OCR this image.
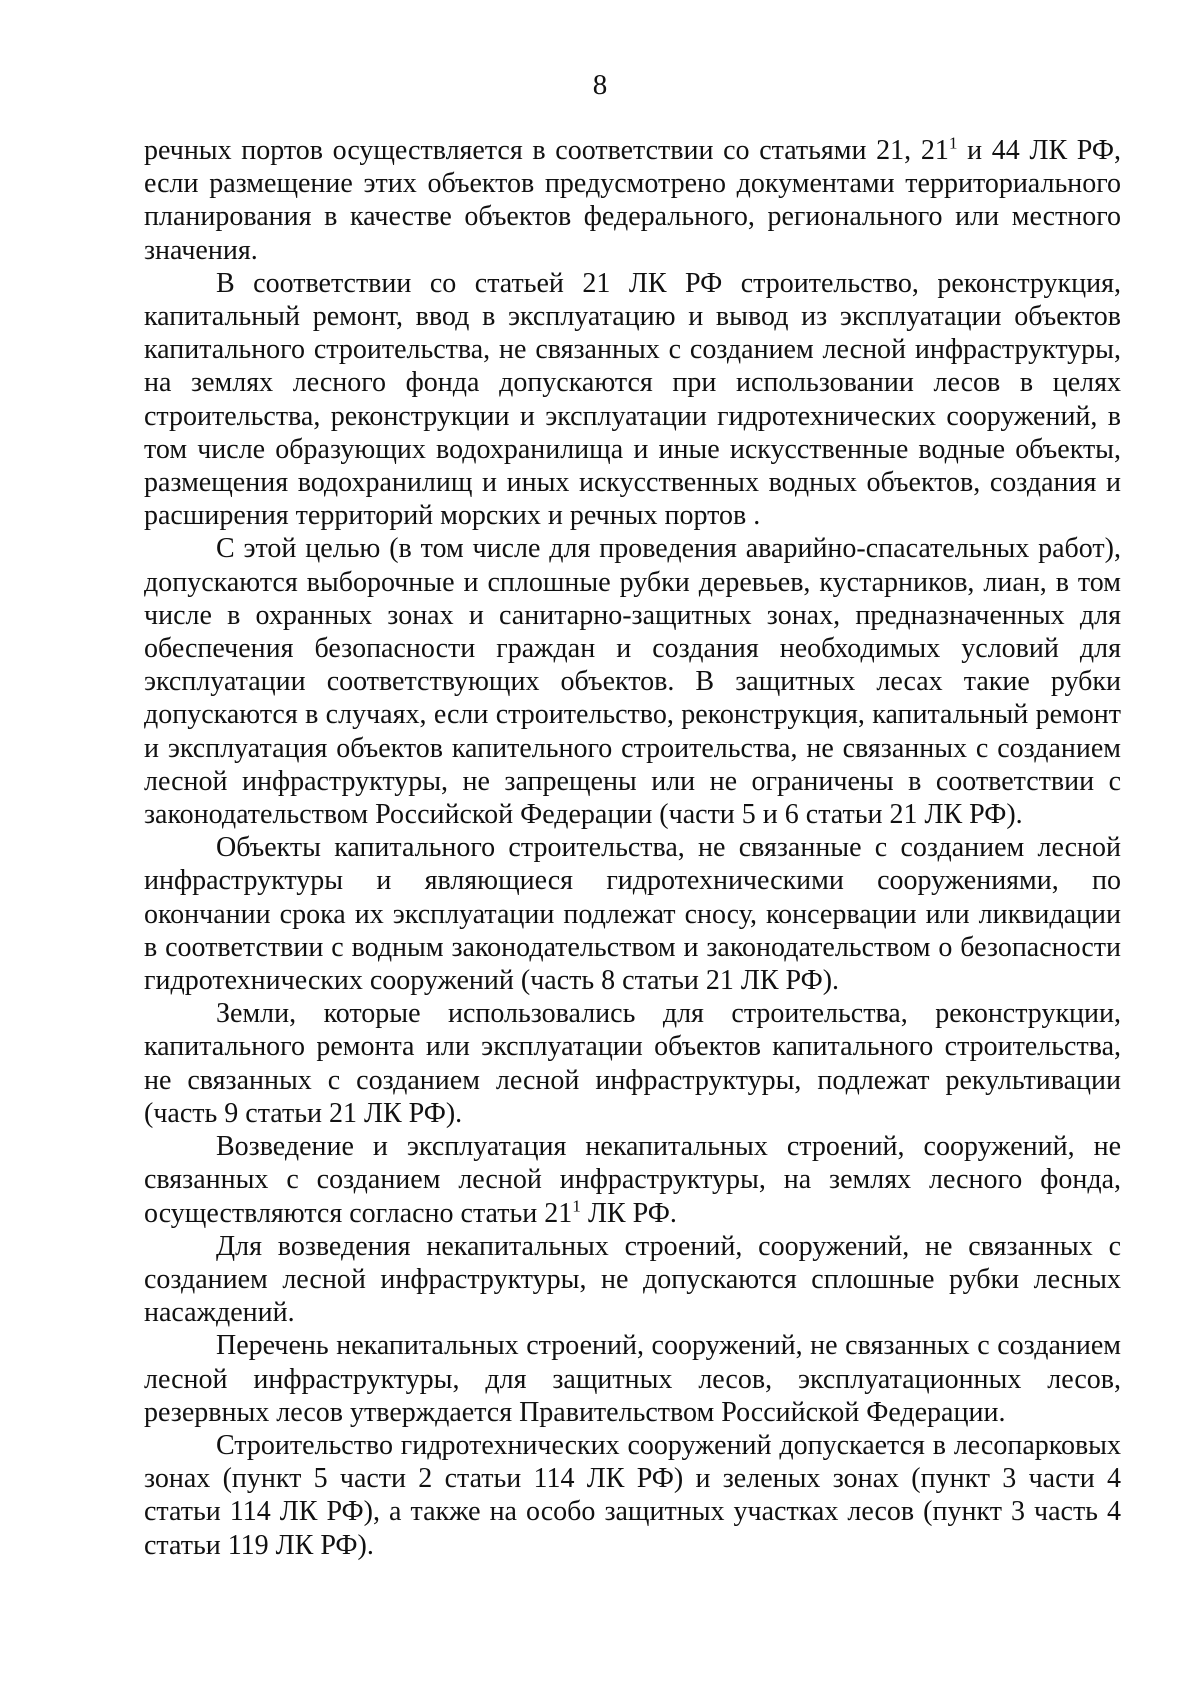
8

речных портов осуществляется в соответствии со статьями 21, $21^1$ и 44 ЛК РФ, если размещение этих объектов предусмотрено документами территориального планирования в качестве объектов федерального, регионального или местного значения.

В соответствии со статьей 21 ЛК РФ строительство, реконструкция, капитальный ремонт, ввод в эксплуатацию и вывод из эксплуатации объектов капитального строительства, не связанных с созданием лесной инфраструктуры, на землях лесного фонда допускаются при использовании лесов в целях строительства, реконструкции и эксплуатации гидротехнических сооружений, в том числе образующих водохранилища и иные искусственные водные объекты, размещения водохранилищ и иных искусственных водных объектов, создания и расширения территорий морских и речных портов .

С этой целью (в том числе для проведения аварийно-спасательных работ), допускаются выборочные и сплошные рубки деревьев, кустарников, лиан, в том числе в охранных зонах и санитарно-защитных зонах, предназначенных для обеспечения безопасности граждан и создания необходимых условий для эксплуатации соответствующих объектов. В защитных лесах такие рубки допускаются в случаях, если строительство, реконструкция, капитальный ремонт и эксплуатация объектов капительного строительства, не связанных с созданием лесной инфраструктуры, не запрещены или не ограничены в соответствии с законодательством Российской Федерации (части 5 и 6 статьи 21 ЛК РФ).

Объекты капитального строительства, не связанные с созданием лесной инфраструктуры и являющиеся гидротехническими сооружениями, по окончании срока их эксплуатации подлежат сносу, консервации или ликвидации в соответствии с водным законодательством и законодательством о безопасности гидротехнических сооружений (часть 8 статьи 21 ЛК РФ).

Земли, которые использовались для строительства, реконструкции, капитального ремонта или эксплуатации объектов капитального строительства, не связанных с созданием лесной инфраструктуры, подлежат рекультивации (часть 9 статьи 21 ЛК РФ).

Возведение и эксплуатация некапитальных строений, сооружений, не связанных с созданием лесной инфраструктуры, на землях лесного фонда, осуществляются согласно статьи $21^1$ ЛК РФ.

Для возведения некапитальных строений, сооружений, не связанных с созданием лесной инфраструктуры, не допускаются сплошные рубки лесных насаждений.

Перечень некапитальных строений, сооружений, не связанных с созданием лесной инфраструктуры, для защитных лесов, эксплуатационных лесов, резервных лесов утверждается Правительством Российской Федерации.

Строительство гидротехнических сооружений допускается в лесопарковых зонах (пункт 5 части 2 статьи 114 ЛК РФ) и зеленых зонах (пункт 3 части 4 статьи 114 ЛК РФ), а также на особо защитных участках лесов (пункт 3 часть 4 статьи 119 ЛК РФ).
